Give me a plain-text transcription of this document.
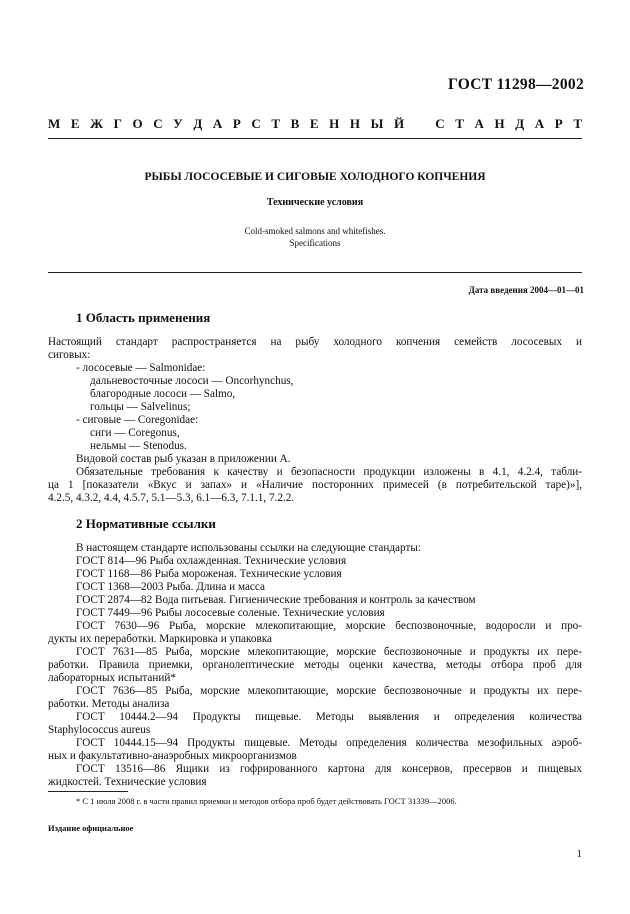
ГОСТ 11298—2002
М Е Ж Г О С У Д А Р С Т В Е Н Н Ы Й С Т А Н Д А Р Т
РЫБЫ ЛОСОСЕВЫЕ И СИГОВЫЕ ХОЛОДНОГО КОПЧЕНИЯ
Технические условия
Cold-smoked salmons and whitefishes.
Specifications
Дата введения 2004—01—01
1 Область применения
Настоящий стандарт распространяется на рыбу холодного копчения семейств лососевых и
сиговых:
- лососевые — Salmonidae:
дальневосточные лососи — Oncorhynchus,
благородные лососи — Salmo,
гольцы — Salvelinus;
- сиговые — Coregonidae:
сиги — Coregonus,
нельмы — Stenodus.
Видовой состав рыб указан в приложении А.
Обязательные требования к качеству и безопасности продукции изложены в 4.1, 4.2.4, табли-
ца 1 [показатели «Вкус и запах» и «Наличие посторонних примесей (в потребительской таре)»],
4.2.5, 4.3.2, 4.4, 4.5.7, 5.1—5.3, 6.1—6.3, 7.1.1, 7.2.2.
2 Нормативные ссылки
В настоящем стандарте использованы ссылки на следующие стандарты:
ГОСТ 814—96 Рыба охлажденная. Технические условия
ГОСТ 1168—86 Рыба мороженая. Технические условия
ГОСТ 1368—2003 Рыба. Длина и масса
ГОСТ 2874—82 Вода питьевая. Гигиенические требования и контроль за качеством
ГОСТ 7449—96 Рыбы лососевые соленые. Технические условия
ГОСТ 7630—96 Рыба, морские млекопитающие, морские беспозвоночные, водоросли и про-
дукты их переработки. Маркировка и упаковка
ГОСТ 7631—85 Рыба, морские млекопитающие, морские беспозвоночные и продукты их пере-
работки. Правила приемки, органолептические методы оценки качества, методы отбора проб для
лабораторных испытаний*
ГОСТ 7636—85 Рыба, морские млекопитающие, морские беспозвоночные и продукты их пере-
работки. Методы анализа
ГОСТ 10444.2—94 Продукты пищевые. Методы выявления и определения количества
Staphylococcus aureus
ГОСТ 10444.15—94 Продукты пищевые. Методы определения количества мезофильных аэроб-
ных и факультативно-анаэробных микроорганизмов
ГОСТ 13516—86 Ящики из гофрированного картона для консервов, пресервов и пищевых
жидкостей. Технические условия
* С 1 июля 2008 г. в части правил приемки и методов отбора проб будет действовать ГОСТ 31339—2006.
Издание официальное
1
